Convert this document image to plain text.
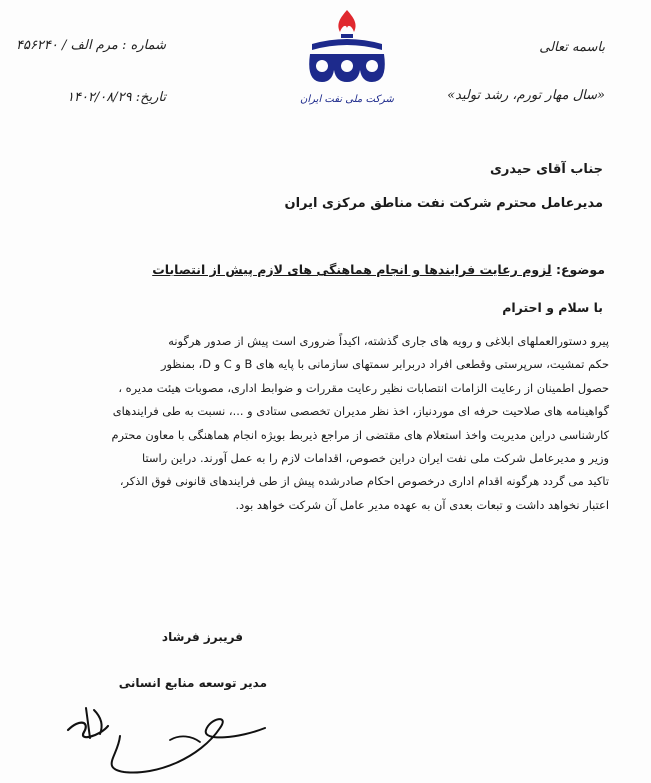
باسمه تعالی
«سال مهار تورم، رشد تولید»
شماره : مرم الف / ۴۵۶۲۴۰
تاریخ: ۱۴۰۲/۰۸/۲۹	شرکت ملی نفت ایران
جناب آقای حیدری
مدیرعامل محترم شرکت نفت مناطق مرکزی ایران
موضوع: لزوم رعایت فرایندها و انجام هماهنگی های لازم پیش از انتصابات
با سلام و احترام
پیرو دستورالعملهای ابلاغی و رویه های جاری گذشته، اکیداً ضروری است پیش از صدور هرگونه
حکم تمشیت، سرپرستی وقطعی افراد دربرابر سمتهای سازمانی با پایه های B و C و D، بمنظور
حصول اطمینان از رعایت الزامات انتصابات نظیر رعایت مقررات و ضوابط اداری، مصوبات هیئت مدیره ،
گواهینامه های صلاحیت حرفه ای موردنیاز، اخذ نظر مدیران تخصصی ستادی و ...، نسبت به طی فرایندهای
کارشناسی دراین مدیریت واخذ استعلام های مقتضی از مراجع ذیربط بویژه انجام هماهنگی با معاون محترم
وزیر و مدیرعامل شرکت ملی نفت ایران دراین خصوص، اقدامات لازم را به عمل آورند. دراین راستا
تاکید می گردد هرگونه اقدام اداری درخصوص احکام صادرشده پیش از طی فرایندهای قانونی فوق الذکر،
اعتبار نخواهد داشت و تبعات بعدی آن به عهده مدیر عامل آن شرکت خواهد بود.
فریبرز فرشاد
مدیر توسعه منابع انسانی
